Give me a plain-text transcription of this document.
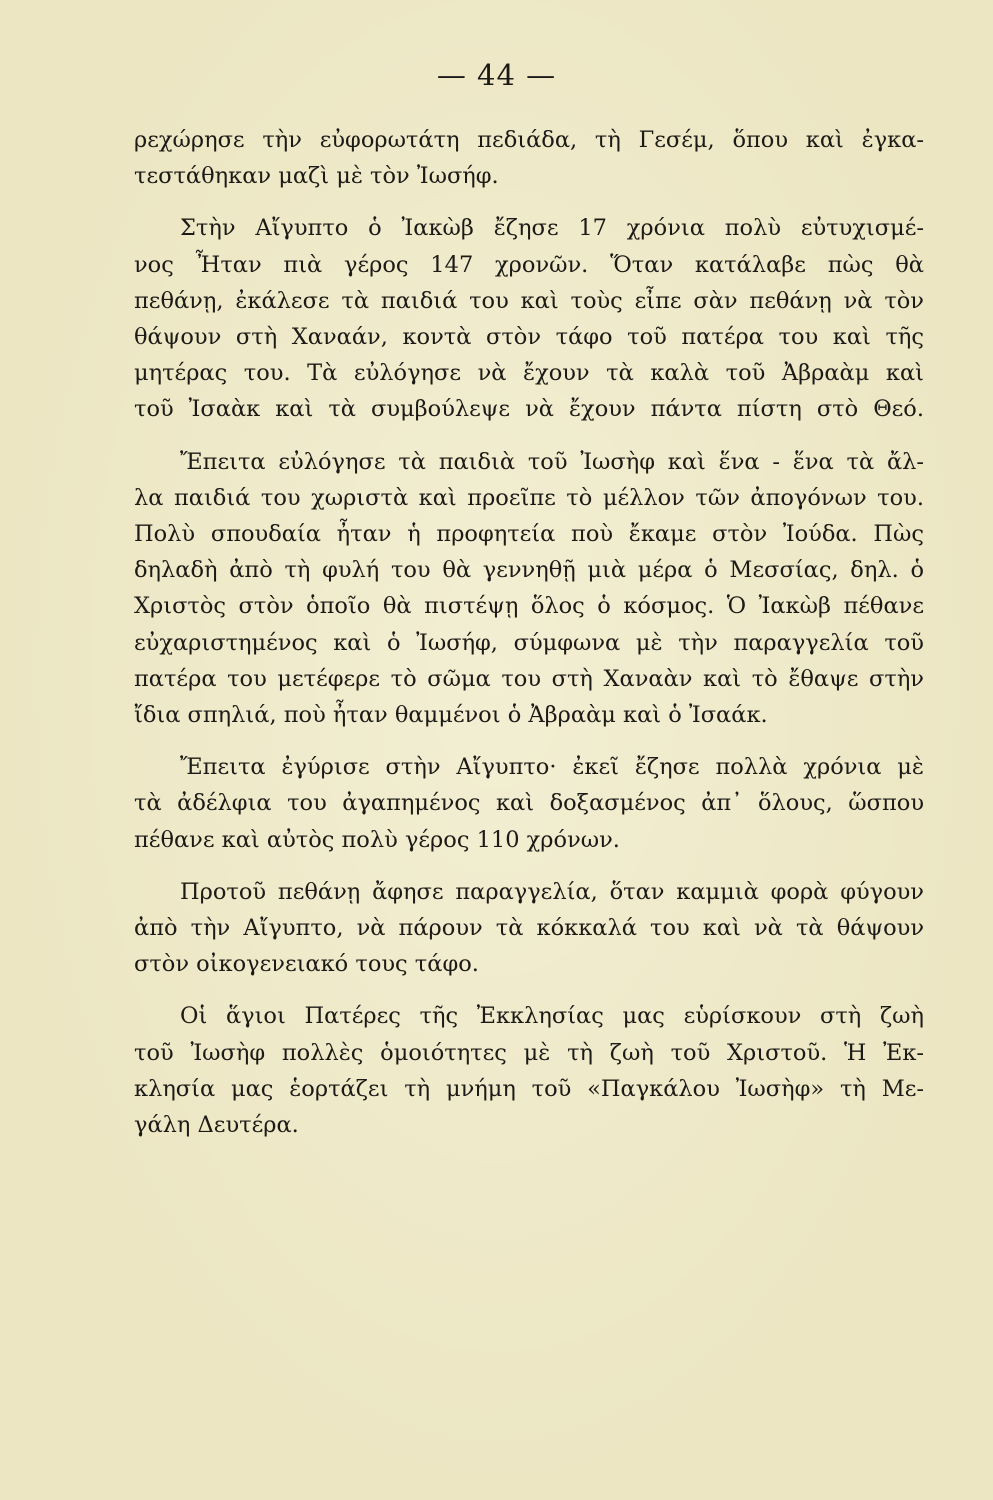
— 44 —

ρεχώρησε τὴν εὐφορωτάτη πεδιάδα, τὴ Γεσέμ, ὅπου καὶ ἐγκα-
τεστάθηκαν μαζὶ μὲ τὸν Ἰωσήφ.

Στὴν Αἴγυπτο ὁ Ἰακὼβ ἔζησε 17 χρόνια πολὺ εὐτυχισμέ-
νος Ἦταν πιὰ γέρος 147 χρονῶν. Ὅταν κατάλαβε πὼς θὰ
πεθάνῃ, ἐκάλεσε τὰ παιδιά του καὶ τοὺς εἶπε σὰν πεθάνῃ νὰ τὸν
θάψουν στὴ Χαναάν, κοντὰ στὸν τάφο τοῦ πατέρα του καὶ τῆς
μητέρας του. Τὰ εὐλόγησε νὰ ἔχουν τὰ καλὰ τοῦ Ἀβραὰμ καὶ
τοῦ Ἰσαὰκ καὶ τὰ συμβούλεψε νὰ ἔχουν πάντα πίστη στὸ Θεό.

Ἔπειτα εὐλόγησε τὰ παιδιὰ τοῦ Ἰωσὴφ καὶ ἕνα - ἕνα τὰ ἄλ-
λα παιδιά του χωριστὰ καὶ προεῖπε τὸ μέλλον τῶν ἀπογόνων του.
Πολὺ σπουδαία ἦταν ἡ προφητεία ποὺ ἔκαμε στὸν Ἰούδα. Πὼς
δηλαδὴ ἀπὸ τὴ φυλή του θὰ γεννηθῇ μιὰ μέρα ὁ Μεσσίας, δηλ. ὁ
Χριστὸς στὸν ὁποῖο θὰ πιστέψῃ ὅλος ὁ κόσμος. Ὁ Ἰακὼβ πέθανε
εὐχαριστημένος καὶ ὁ Ἰωσήφ, σύμφωνα μὲ τὴν παραγγελία τοῦ
πατέρα του μετέφερε τὸ σῶμα του στὴ Χαναὰν καὶ τὸ ἔθαψε στὴν
ἴδια σπηλιά, ποὺ ἦταν θαμμένοι ὁ Ἀβραὰμ καὶ ὁ Ἰσαάκ.

Ἔπειτα ἐγύρισε στὴν Αἴγυπτο· ἐκεῖ ἔζησε πολλὰ χρόνια μὲ
τὰ ἀδέλφια του ἀγαπημένος καὶ δοξασμένος ἀπ᾿ ὅλους, ὥσπου
πέθανε καὶ αὐτὸς πολὺ γέρος 110 χρόνων.

Προτοῦ πεθάνῃ ἄφησε παραγγελία, ὅταν καμμιὰ φορὰ φύγουν
ἀπὸ τὴν Αἴγυπτο, νὰ πάρουν τὰ κόκκαλά του καὶ νὰ τὰ θάψουν
στὸν οἰκογενειακό τους τάφο.

Οἱ ἅγιοι Πατέρες τῆς Ἐκκλησίας μας εὑρίσκουν στὴ ζωὴ
τοῦ Ἰωσὴφ πολλὲς ὁμοιότητες μὲ τὴ ζωὴ τοῦ Χριστοῦ. Ἡ Ἐκ-
κλησία μας ἑορτάζει τὴ μνήμη τοῦ «Παγκάλου Ἰωσὴφ» τὴ Με-
γάλη Δευτέρα.
